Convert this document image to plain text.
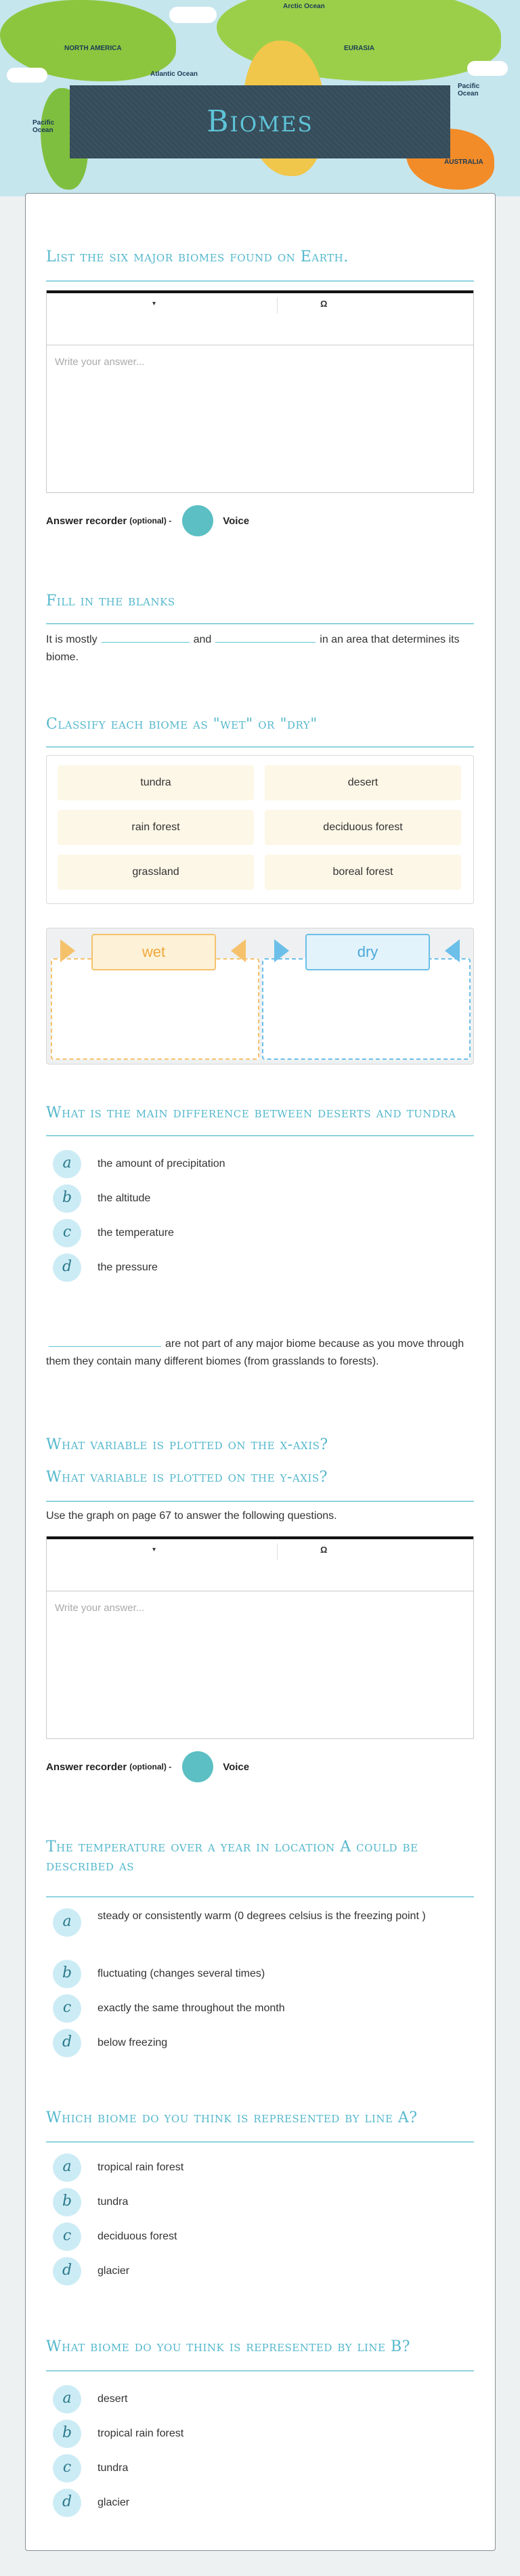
Arctic Ocean
NORTH AMERICA
Atlantic Ocean
EURASIA
Pacific Ocean
Pacific Ocean
AUSTRALIA
Biomes
List the six major biomes found on Earth.
▾	Ω
Write your answer...
Answer recorder (optional) -	Voice
Fill in the blanks
It is mostly	and	in an area that determines its biome.
Classify each biome as "wet" or "dry"
tundra	desert
rain forest	deciduous forest
grassland	boreal forest
wet	dry
What is the main difference between deserts and tundra
a	the amount of precipitation
b	the altitude
c	the temperature
d	the pressure
are not part of any major biome because as you move through them they contain many different biomes (from grasslands to forests).
What variable is plotted on the x-axis?
What variable is plotted on the y-axis?
Use the graph on page 67 to answer the following questions.
▾	Ω
Write your answer...
Answer recorder (optional) -	Voice
The temperature over a year in location A could be described as
a	steady or consistently warm (0 degrees celsius is the freezing point )
b	fluctuating (changes several times)
c	exactly the same throughout the month
d	below freezing
Which biome do you think is represented by line A?
a	tropical rain forest
b	tundra
c	deciduous forest
d	glacier
What biome do you think is represented by line B?
a	desert
b	tropical rain forest
c	tundra
d	glacier
